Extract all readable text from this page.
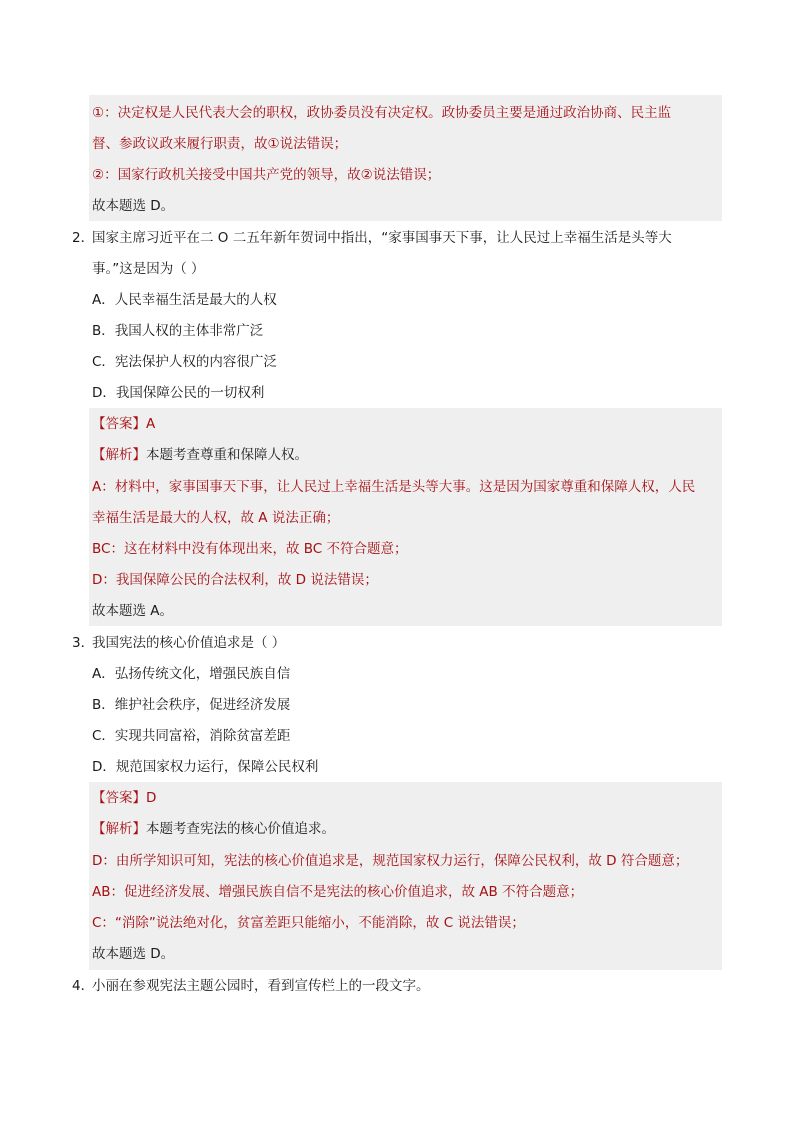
①：决定权是人民代表大会的职权，政协委员没有决定权。政协委员主要是通过政治协商、民主监
督、参政议政来履行职责，故①说法错误；
②：国家行政机关接受中国共产党的领导，故②说法错误；
故本题选 D。
2．
国家主席习近平在二 O 二五年新年贺词中指出，“家事国事天下事，让人民过上幸福生活是头等大
事。”这是因为（ ）
A．人民幸福生活是最大的人权
B．我国人权的主体非常广泛
C．宪法保护人权的内容很广泛
D．我国保障公民的一切权利
【答案】A
【解析】本题考查尊重和保障人权。
A：材料中，家事国事天下事，让人民过上幸福生活是头等大事。这是因为国家尊重和保障人权，人民
幸福生活是最大的人权，故 A 说法正确；
BC：这在材料中没有体现出来，故 BC 不符合题意；
D：我国保障公民的合法权利，故 D 说法错误；
故本题选 A。
3．
我国宪法的核心价值追求是（ ）
A．弘扬传统文化，增强民族自信
B．维护社会秩序，促进经济发展
C．实现共同富裕，消除贫富差距
D．规范国家权力运行，保障公民权利
【答案】D
【解析】本题考查宪法的核心价值追求。
D：由所学知识可知，宪法的核心价值追求是，规范国家权力运行，保障公民权利，故 D 符合题意；
AB：促进经济发展、增强民族自信不是宪法的核心价值追求，故 AB 不符合题意；
C：“消除”说法绝对化，贫富差距只能缩小，不能消除，故 C 说法错误；
故本题选 D。
4．
小丽在参观宪法主题公园时，看到宣传栏上的一段文字。
